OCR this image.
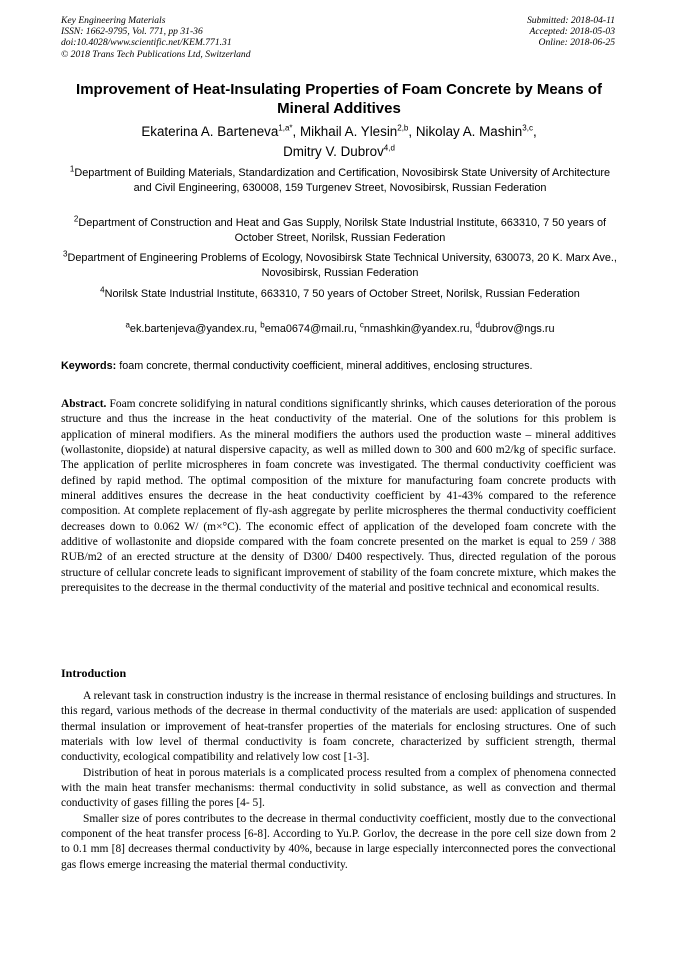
Key Engineering Materials
ISSN: 1662-9795, Vol. 771, pp 31-36
doi:10.4028/www.scientific.net/KEM.771.31
© 2018 Trans Tech Publications Ltd, Switzerland
Submitted: 2018-04-11
Accepted: 2018-05-03
Online: 2018-06-25
Improvement of Heat-Insulating Properties of Foam Concrete by Means of Mineral Additives
Ekaterina A. Barteneva$^{1,a*}$, Mikhail A. Ylesin$^{2,b}$, Nikolay A. Mashin$^{3,c}$,
Dmitry V. Dubrov$^{4,d}$
$^1$Department of Building Materials, Standardization and Certification, Novosibirsk State University of Architecture and Civil Engineering, 630008, 159 Turgenev Street, Novosibirsk, Russian Federation
$^2$Department of Construction and Heat and Gas Supply, Norilsk State Industrial Institute, 663310, 7 50 years of October Street, Norilsk, Russian Federation
$^3$Department of Engineering Problems of Ecology, Novosibirsk State Technical University, 630073, 20 K. Marx Ave., Novosibirsk, Russian Federation
$^4$Norilsk State Industrial Institute, 663310, 7 50 years of October Street, Norilsk, Russian Federation
$^a$ek.bartenjeva@yandex.ru, $^b$ema0674@mail.ru, $^c$nmashkin@yandex.ru, $^d$dubrov@ngs.ru
Keywords: foam concrete, thermal conductivity coefficient, mineral additives, enclosing structures.
Abstract. Foam concrete solidifying in natural conditions significantly shrinks, which causes deterioration of the porous structure and thus the increase in the heat conductivity of the material. One of the solutions for this problem is application of mineral modifiers. As the mineral modifiers the authors used the production waste – mineral additives (wollastonite, diopside) at natural dispersive capacity, as well as milled down to 300 and 600 m2/kg of specific surface. The application of perlite microspheres in foam concrete was investigated. The thermal conductivity coefficient was defined by rapid method. The optimal composition of the mixture for manufacturing foam concrete products with mineral additives ensures the decrease in the heat conductivity coefficient by 41-43% compared to the reference composition. At complete replacement of fly-ash aggregate by perlite microspheres the thermal conductivity coefficient decreases down to 0.062 W/ (m×°C). The economic effect of application of the developed foam concrete with the additive of wollastonite and diopside compared with the foam concrete presented on the market is equal to 259 / 388 RUB/m2 of an erected structure at the density of D300/ D400 respectively. Thus, directed regulation of the porous structure of cellular concrete leads to significant improvement of stability of the foam concrete mixture, which makes the prerequisites to the decrease in the thermal conductivity of the material and positive technical and economical results.
Introduction

A relevant task in construction industry is the increase in thermal resistance of enclosing buildings and structures. In this regard, various methods of the decrease in thermal conductivity of the materials are used: application of suspended thermal insulation or improvement of heat-transfer properties of the materials for enclosing structures. One of such materials with low level of thermal conductivity is foam concrete, characterized by sufficient strength, thermal conductivity, ecological compatibility and relatively low cost [1-3].

Distribution of heat in porous materials is a complicated process resulted from a complex of phenomena connected with the main heat transfer mechanisms: thermal conductivity in solid substance, as well as convection and thermal conductivity of gases filling the pores [4- 5].

Smaller size of pores contributes to the decrease in thermal conductivity coefficient, mostly due to the convectional component of the heat transfer process [6-8]. According to Yu.P. Gorlov, the decrease in the pore cell size down from 2 to 0.1 mm [8] decreases thermal conductivity by 40%, because in large especially interconnected pores the convectional gas flows emerge increasing the material thermal conductivity.
